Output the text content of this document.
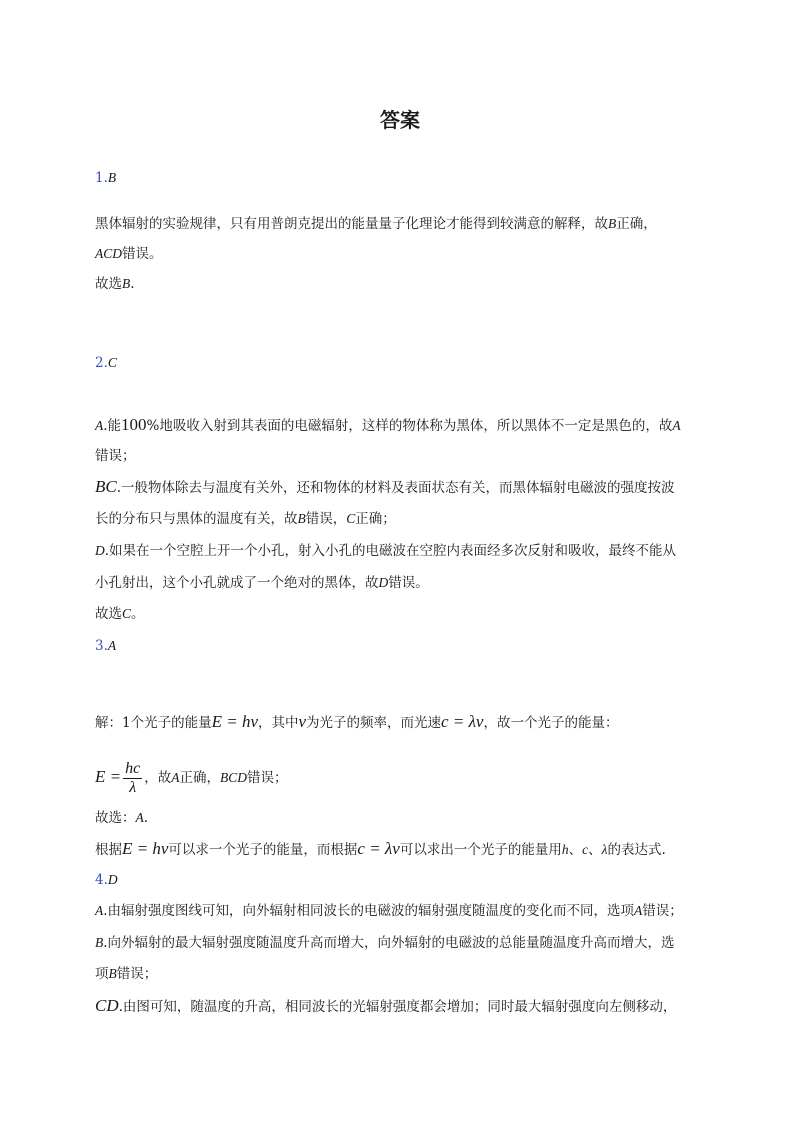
答案
1.B
黑体辐射的实验规律，只有用普朗克提出的能量量子化理论才能得到较满意的解释，故B正确，
ACD错误。
故选B.
2.C
A.能100%地吸收入射到其表面的电磁辐射，这样的物体称为黑体，所以黑体不一定是黑色的，故A
错误；
BC.一般物体除去与温度有关外，还和物体的材料及表面状态有关，而黑体辐射电磁波的强度按波
长的分布只与黑体的温度有关，故B错误，C正确；
D.如果在一个空腔上开一个小孔，射入小孔的电磁波在空腔内表面经多次反射和吸收，最终不能从
小孔射出，这个小孔就成了一个绝对的黑体，故D错误。
故选C。
3.A
解：1个光子的能量E = hν，其中ν为光子的频率，而光速c = λν，故一个光子的能量：
$E = \frac{hc}{\lambda}$ ，故A正确，BCD错误；
故选：A.
根据E = hν可以求一个光子的能量，而根据c = λν可以求出一个光子的能量用h、c、λ的表达式.
4.D
A.由辐射强度图线可知，向外辐射相同波长的电磁波的辐射强度随温度的变化而不同，选项A错误；
B.向外辐射的最大辐射强度随温度升高而增大，向外辐射的电磁波的总能量随温度升高而增大，选
项B错误；
CD.由图可知，随温度的升高，相同波长的光辐射强度都会增加；同时最大辐射强度向左侧移动，
